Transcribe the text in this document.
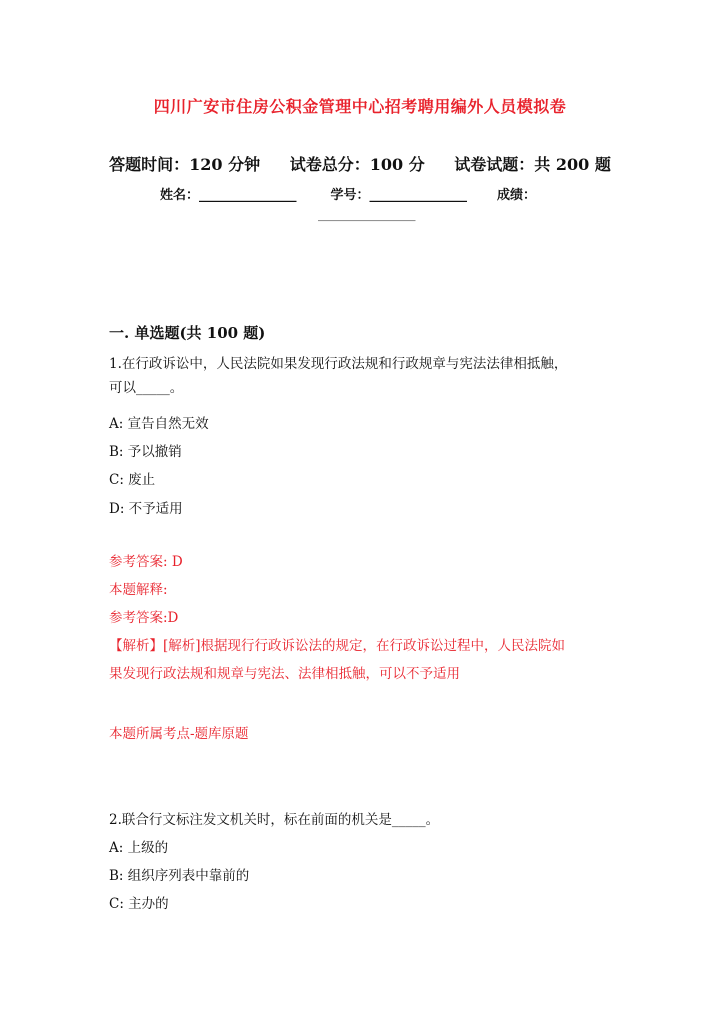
四川广安市住房公积金管理中心招考聘用编外人员模拟卷
答题时间：120 分钟 试卷总分：100 分 试卷试题：共 200 题
姓名：_______________	学号：_______________ 成绩：
_______________
一. 单选题(共 100 题)
1.在行政诉讼中，人民法院如果发现行政法规和行政规章与宪法法律相抵触，
可以_____。
A: 宣告自然无效
B: 予以撤销
C: 废止
D: 不予适用
参考答案: D
本题解释:
参考答案:D
【解析】[解析]根据现行行政诉讼法的规定，在行政诉讼过程中，人民法院如
果发现行政法规和规章与宪法、法律相抵触，可以不予适用
本题所属考点-题库原题
2.联合行文标注发文机关时，标在前面的机关是_____。
A: 上级的
B: 组织序列表中靠前的
C: 主办的
